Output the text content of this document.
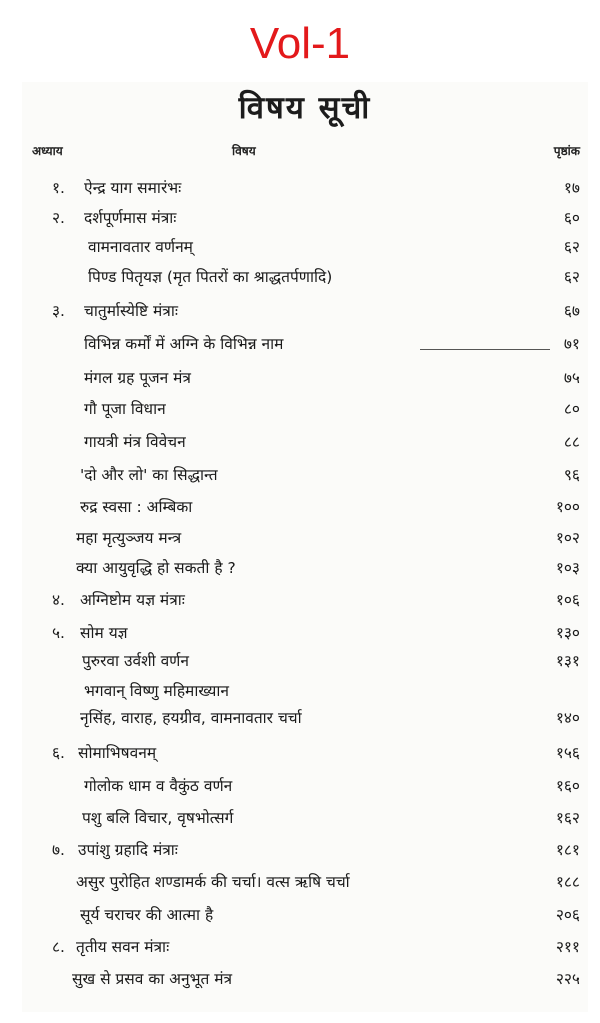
Vol-1
विषय सूची
अध्याय	विषय	पृष्ठांक
१. ऐन्द्र याग समारंभः	१७
२. दर्शपूर्णमास मंत्राः	६०
वामनावतार वर्णनम्	६२
पिण्ड पितृयज्ञ (मृत पितरों का श्राद्धतर्पणादि)	६२
३. चातुर्मास्येष्टि मंत्राः	६७
विभिन्न कर्मों में अग्नि के विभिन्न नाम	७१
मंगल ग्रह पूजन मंत्र	७५
गौ पूजा विधान	८०
गायत्री मंत्र विवेचन	८८
'दो और लो' का सिद्धान्त	९६
रुद्र स्वसा : अम्बिका	१००
महा मृत्युञ्जय मन्त्र	१०२
क्या आयुवृद्धि हो सकती है ?	१०३
४. अग्निष्टोम यज्ञ मंत्राः	१०६
५. सोम यज्ञ	१३०
पुरुरवा उर्वशी वर्णन	१३१
भगवान् विष्णु महिमाख्यान
नृसिंह, वाराह, हयग्रीव, वामनावतार चर्चा	१४०
६. सोमाभिषवनम्	१५६
गोलोक धाम व वैकुंठ वर्णन	१६०
पशु बलि विचार, वृषभोत्सर्ग	१६२
७. उपांशु ग्रहादि मंत्राः	१८१
असुर पुरोहित शण्डामर्क की चर्चा। वत्स ऋषि चर्चा	१८८
सूर्य चराचर की आत्मा है	२०६
८. तृतीय सवन मंत्राः	२११
सुख से प्रसव का अनुभूत मंत्र	२२५
